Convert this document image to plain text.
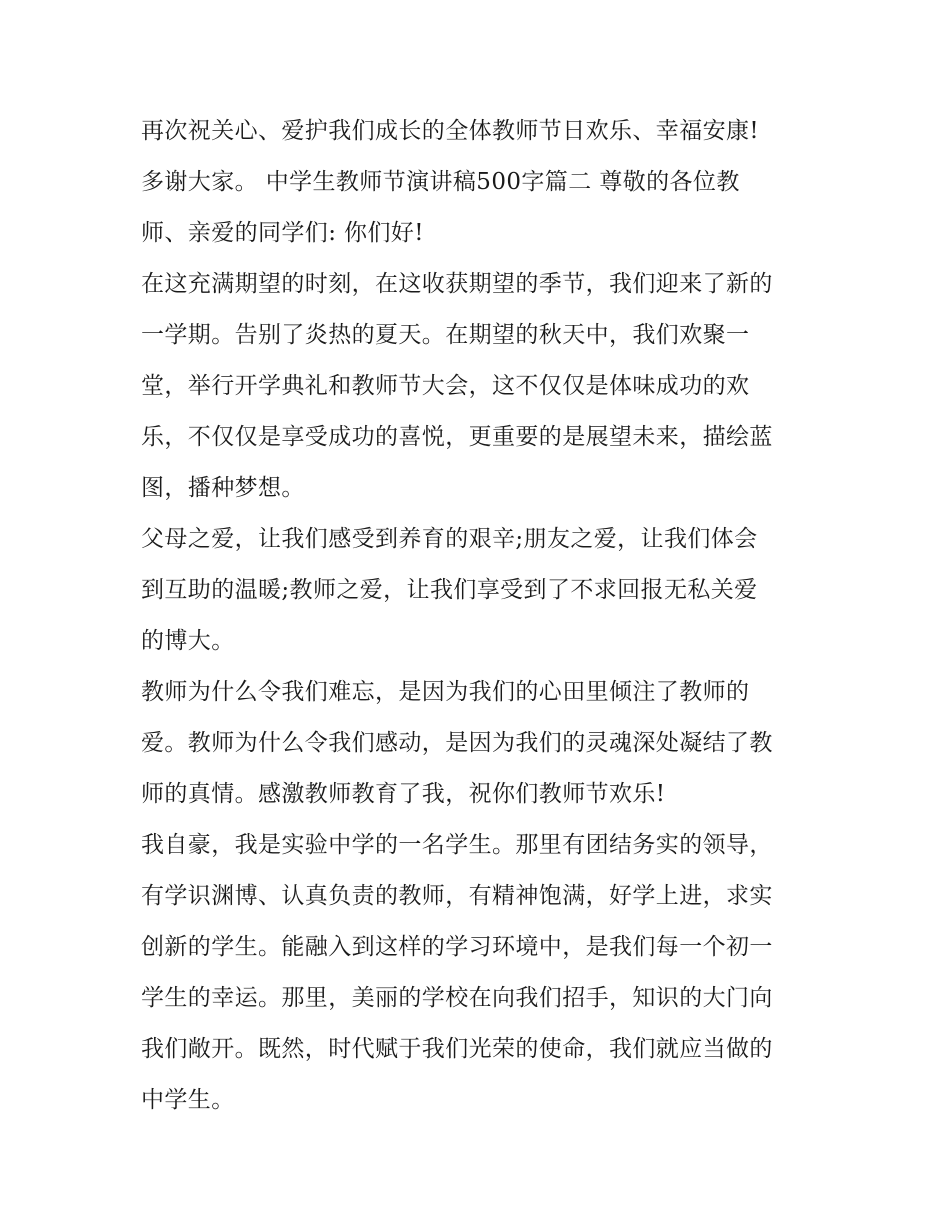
再次祝关心、爱护我们成长的全体教师节日欢乐、幸福安康!
多谢大家。 中学生教师节演讲稿500字篇二 尊敬的各位教
师、亲爱的同学们: 你们好!
在这充满期望的时刻，在这收获期望的季节，我们迎来了新的
一学期。告别了炎热的夏天。在期望的秋天中，我们欢聚一
堂，举行开学典礼和教师节大会，这不仅仅是体味成功的欢
乐，不仅仅是享受成功的喜悦，更重要的是展望未来，描绘蓝
图，播种梦想。
父母之爱，让我们感受到养育的艰辛;朋友之爱，让我们体会
到互助的温暖;教师之爱，让我们享受到了不求回报无私关爱
的博大。
教师为什么令我们难忘，是因为我们的心田里倾注了教师的
爱。教师为什么令我们感动，是因为我们的灵魂深处凝结了教
师的真情。感激教师教育了我，祝你们教师节欢乐!
我自豪，我是实验中学的一名学生。那里有团结务实的领导，
有学识渊博、认真负责的教师，有精神饱满，好学上进，求实
创新的学生。能融入到这样的学习环境中，是我们每一个初一
学生的幸运。那里，美丽的学校在向我们招手，知识的大门向
我们敞开。既然，时代赋于我们光荣的使命，我们就应当做的
中学生。
